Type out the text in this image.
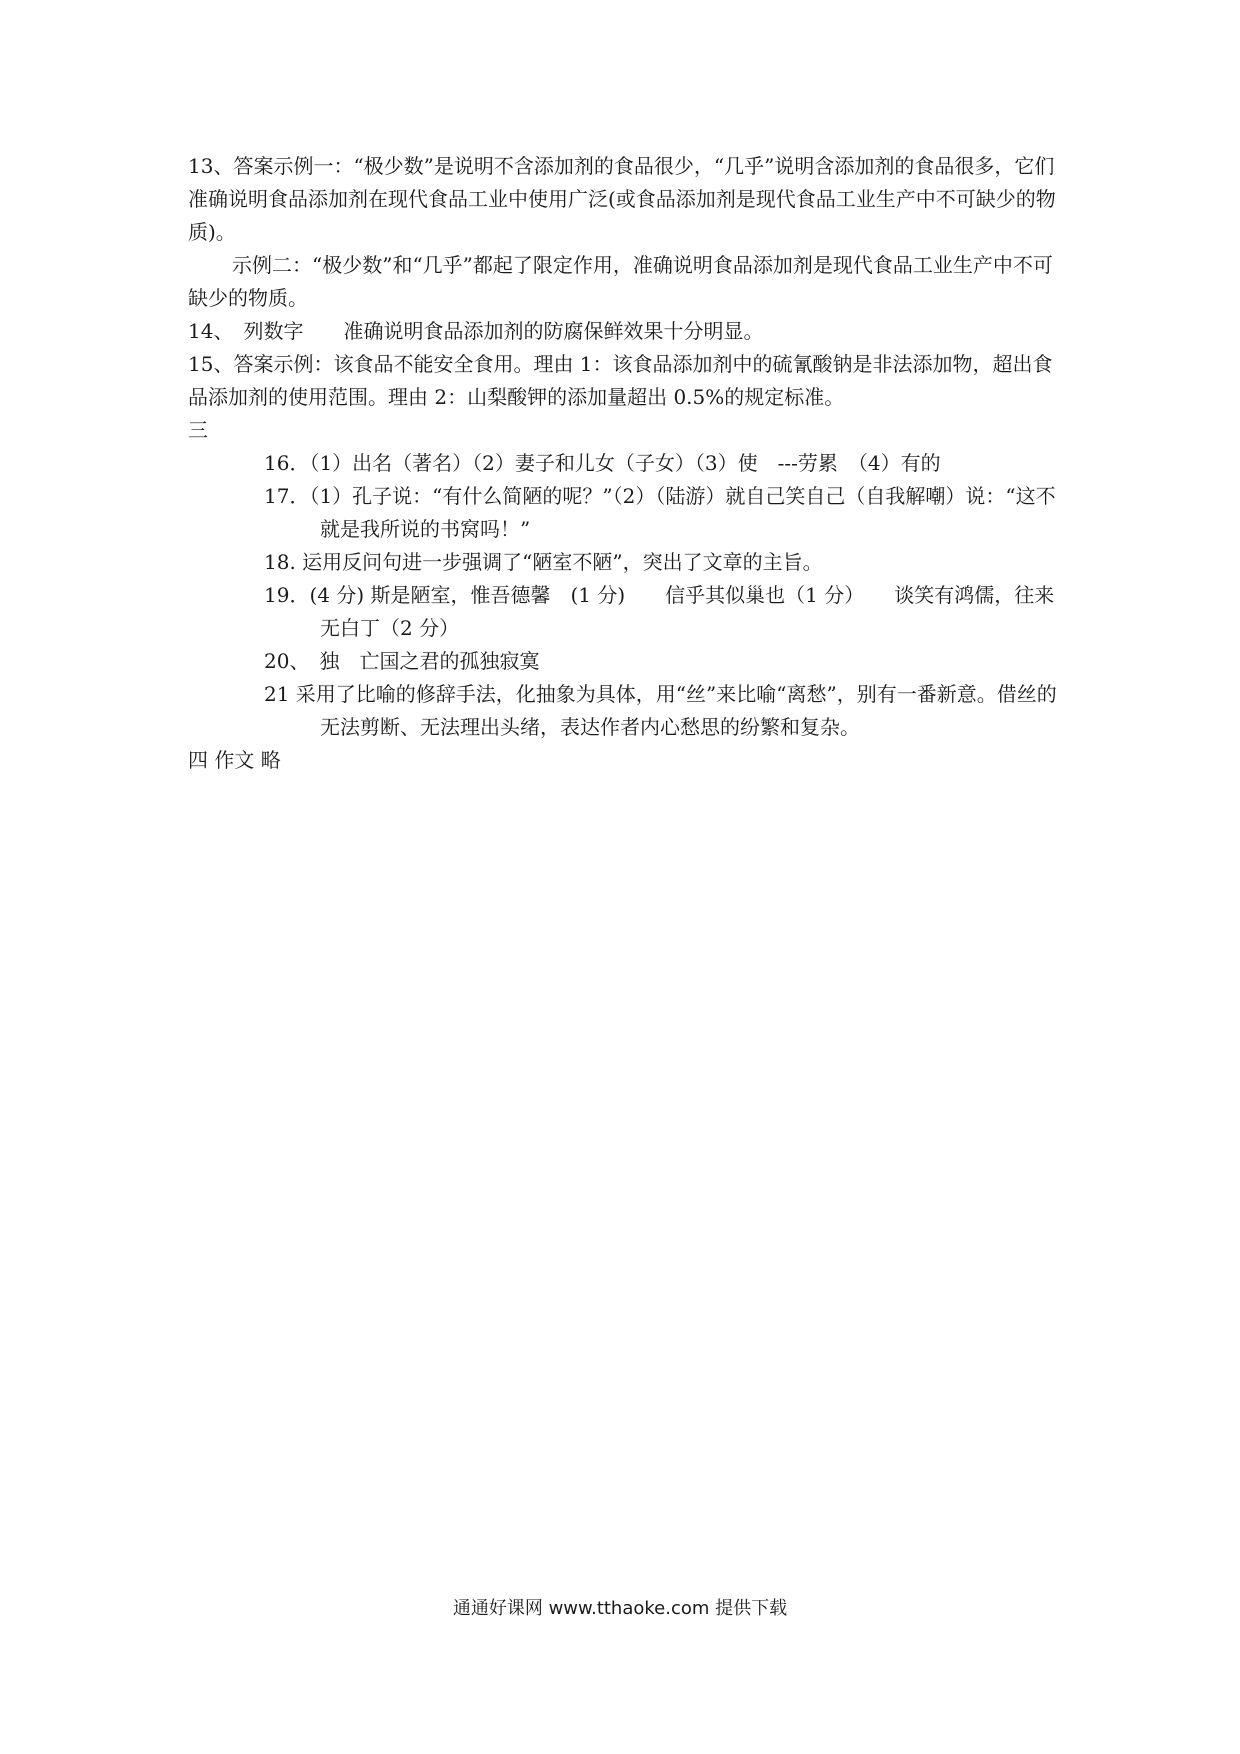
13、答案示例一：“极少数”是说明不含添加剂的食品很少，“几乎”说明含添加剂的食品很多，它们准确说明食品添加剂在现代食品工业中使用广泛(或食品添加剂是现代食品工业生产中不可缺少的物质)。

示例二：“极少数”和“几乎”都起了限定作用，准确说明食品添加剂是现代食品工业生产中不可缺少的物质。

14、　列数字　　准确说明食品添加剂的防腐保鲜效果十分明显。

15、答案示例：该食品不能安全食用。理由 1：该食品添加剂中的硫氰酸钠是非法添加物，超出食品添加剂的使用范围。理由 2：山梨酸钾的添加量超出 0.5%的规定标准。

三

16．（1）出名（著名）（2）妻子和儿女（子女）（3）使　---劳累　（4）有的

17．（1）孔子说：“有什么简陋的呢？”（2）（陆游）就自己笑自己（自我解嘲）说：“这不就是我所说的书窝吗！”

18. 运用反问句进一步强调了“陋室不陋”，突出了文章的主旨。

19．(4 分) 斯是陋室，惟吾德馨　(1 分)　　信乎其似巢也（1 分）　　谈笑有鸿儒，往来无白丁（2 分）

20、　独　亡国之君的孤独寂寞

21 采用了比喻的修辞手法，化抽象为具体，用“丝”来比喻“离愁”，别有一番新意。借丝的无法剪断、无法理出头绪，表达作者内心愁思的纷繁和复杂。

四 作文 略

通通好课网 www.tthaoke.com 提供下载
